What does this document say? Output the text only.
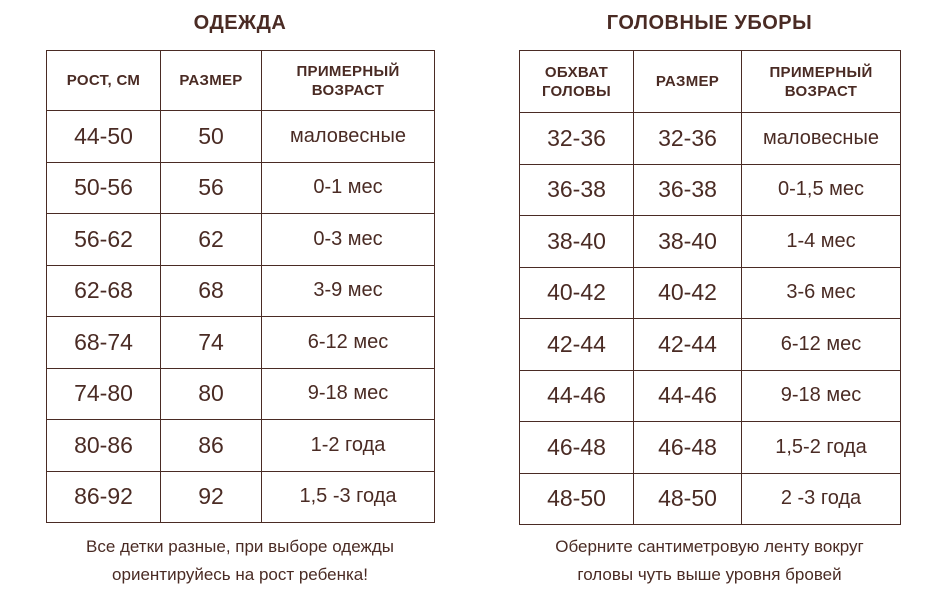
ОДЕЖДА
РОСТ, СМ	РАЗМЕР	ПРИМЕРНЫЙ ВОЗРАСТ
44-50	50	маловесные
50-56	56	0-1 мес
56-62	62	0-3 мес
62-68	68	3-9 мес
68-74	74	6-12 мес
74-80	80	9-18 мес
80-86	86	1-2 года
86-92	92	1,5 -3 года
Все детки разные, при выборе одежды
ориентируйесь на рост ребенка!
ГОЛОВНЫЕ УБОРЫ
ОБХВАТ ГОЛОВЫ	РАЗМЕР	ПРИМЕРНЫЙ ВОЗРАСТ
32-36	32-36	маловесные
36-38	36-38	0-1,5 мес
38-40	38-40	1-4 мес
40-42	40-42	3-6 мес
42-44	42-44	6-12 мес
44-46	44-46	9-18 мес
46-48	46-48	1,5-2 года
48-50	48-50	2 -3 года
Оберните сантиметровую ленту вокруг
головы чуть выше уровня бровей
